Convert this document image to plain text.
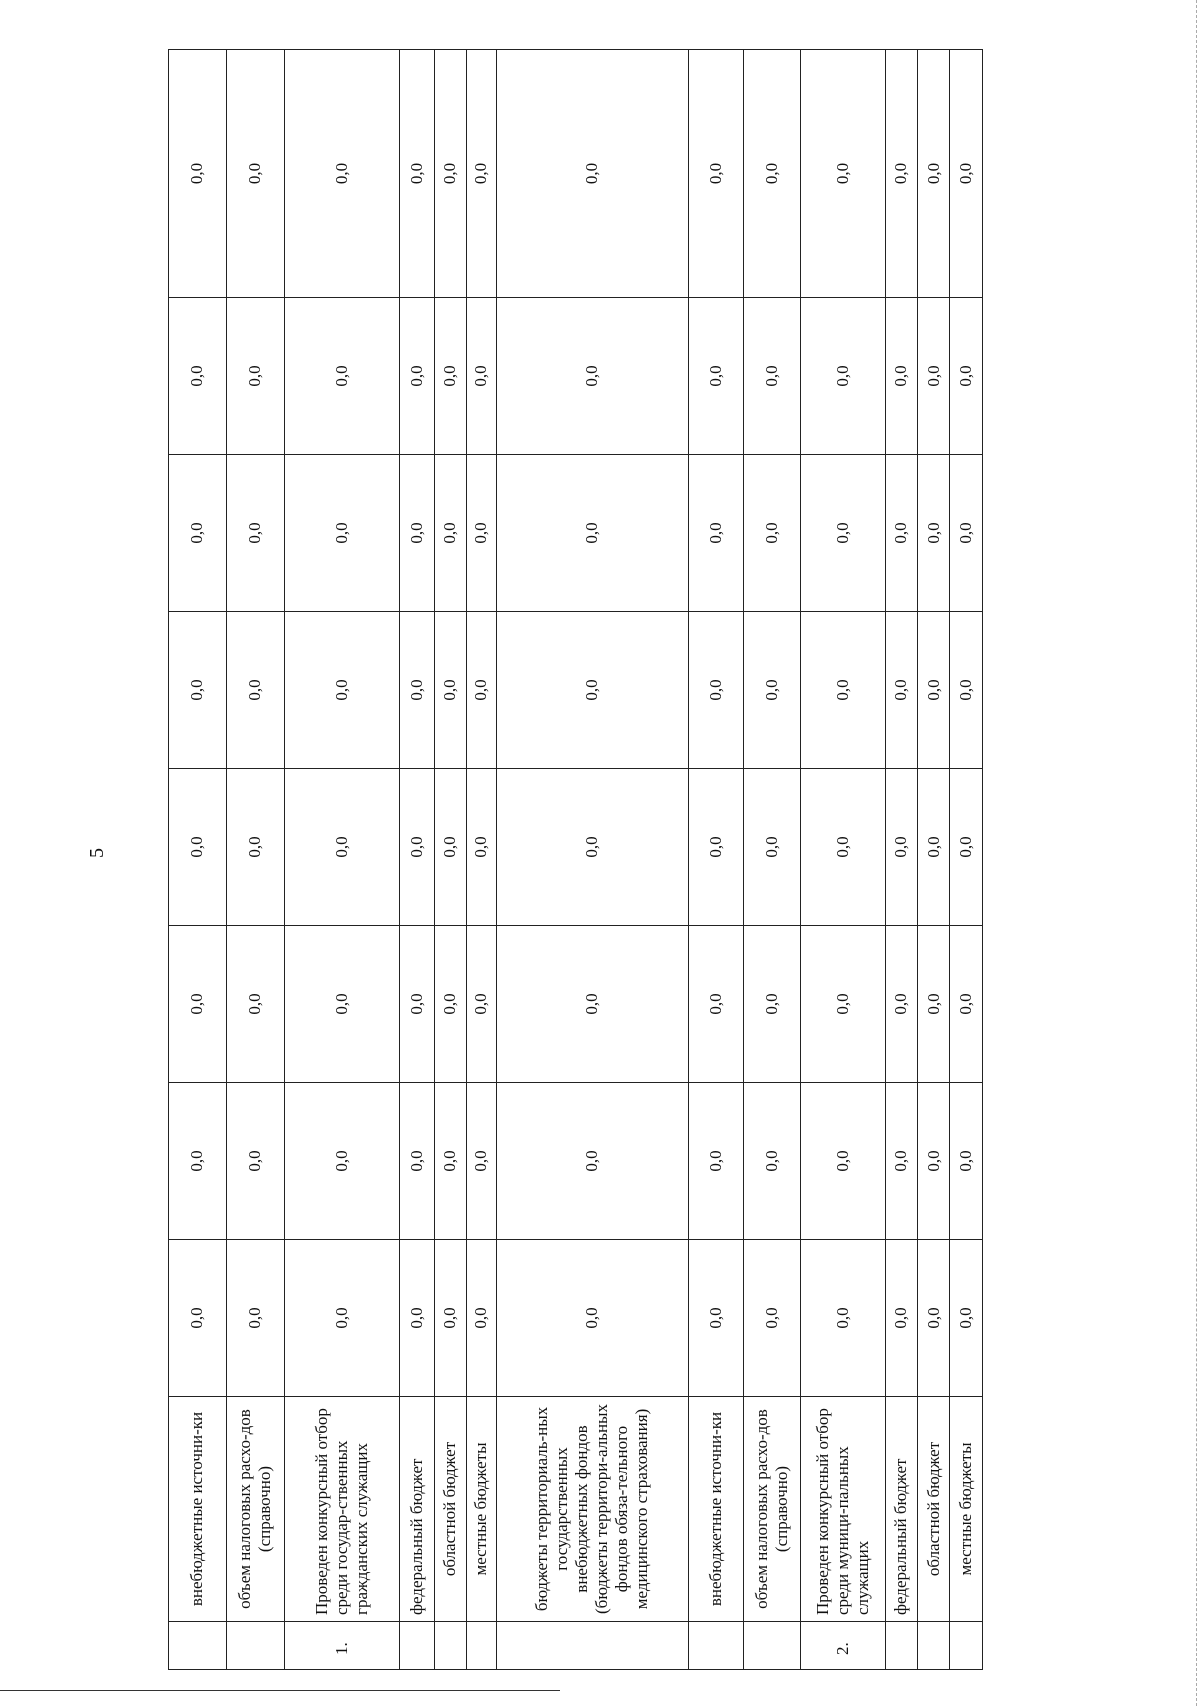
5
	внебюджетные источни-ки	0,0	0,0	0,0	0,0	0,0	0,0	0,0	0,0
	объем налоговых расхо-дов (справочно)	0,0	0,0	0,0	0,0	0,0	0,0	0,0	0,0
1.	Проведен конкурсный отбор среди государ-ственных гражданских служащих	0,0	0,0	0,0	0,0	0,0	0,0	0,0	0,0
	федеральный бюджет	0,0	0,0	0,0	0,0	0,0	0,0	0,0	0,0
	областной бюджет	0,0	0,0	0,0	0,0	0,0	0,0	0,0	0,0
	местные бюджеты	0,0	0,0	0,0	0,0	0,0	0,0	0,0	0,0
	бюджеты территориаль-ных государственных внебюджетных фондов (бюджеты территори-альных фондов обяза-тельного медицинского страхования)	0,0	0,0	0,0	0,0	0,0	0,0	0,0	0,0
	внебюджетные источни-ки	0,0	0,0	0,0	0,0	0,0	0,0	0,0	0,0
	объем налоговых расхо-дов (справочно)	0,0	0,0	0,0	0,0	0,0	0,0	0,0	0,0
2.	Проведен конкурсный отбор среди муници-пальных служащих	0,0	0,0	0,0	0,0	0,0	0,0	0,0	0,0
	федеральный бюджет	0,0	0,0	0,0	0,0	0,0	0,0	0,0	0,0
	областной бюджет	0,0	0,0	0,0	0,0	0,0	0,0	0,0	0,0
	местные бюджеты	0,0	0,0	0,0	0,0	0,0	0,0	0,0	0,0
